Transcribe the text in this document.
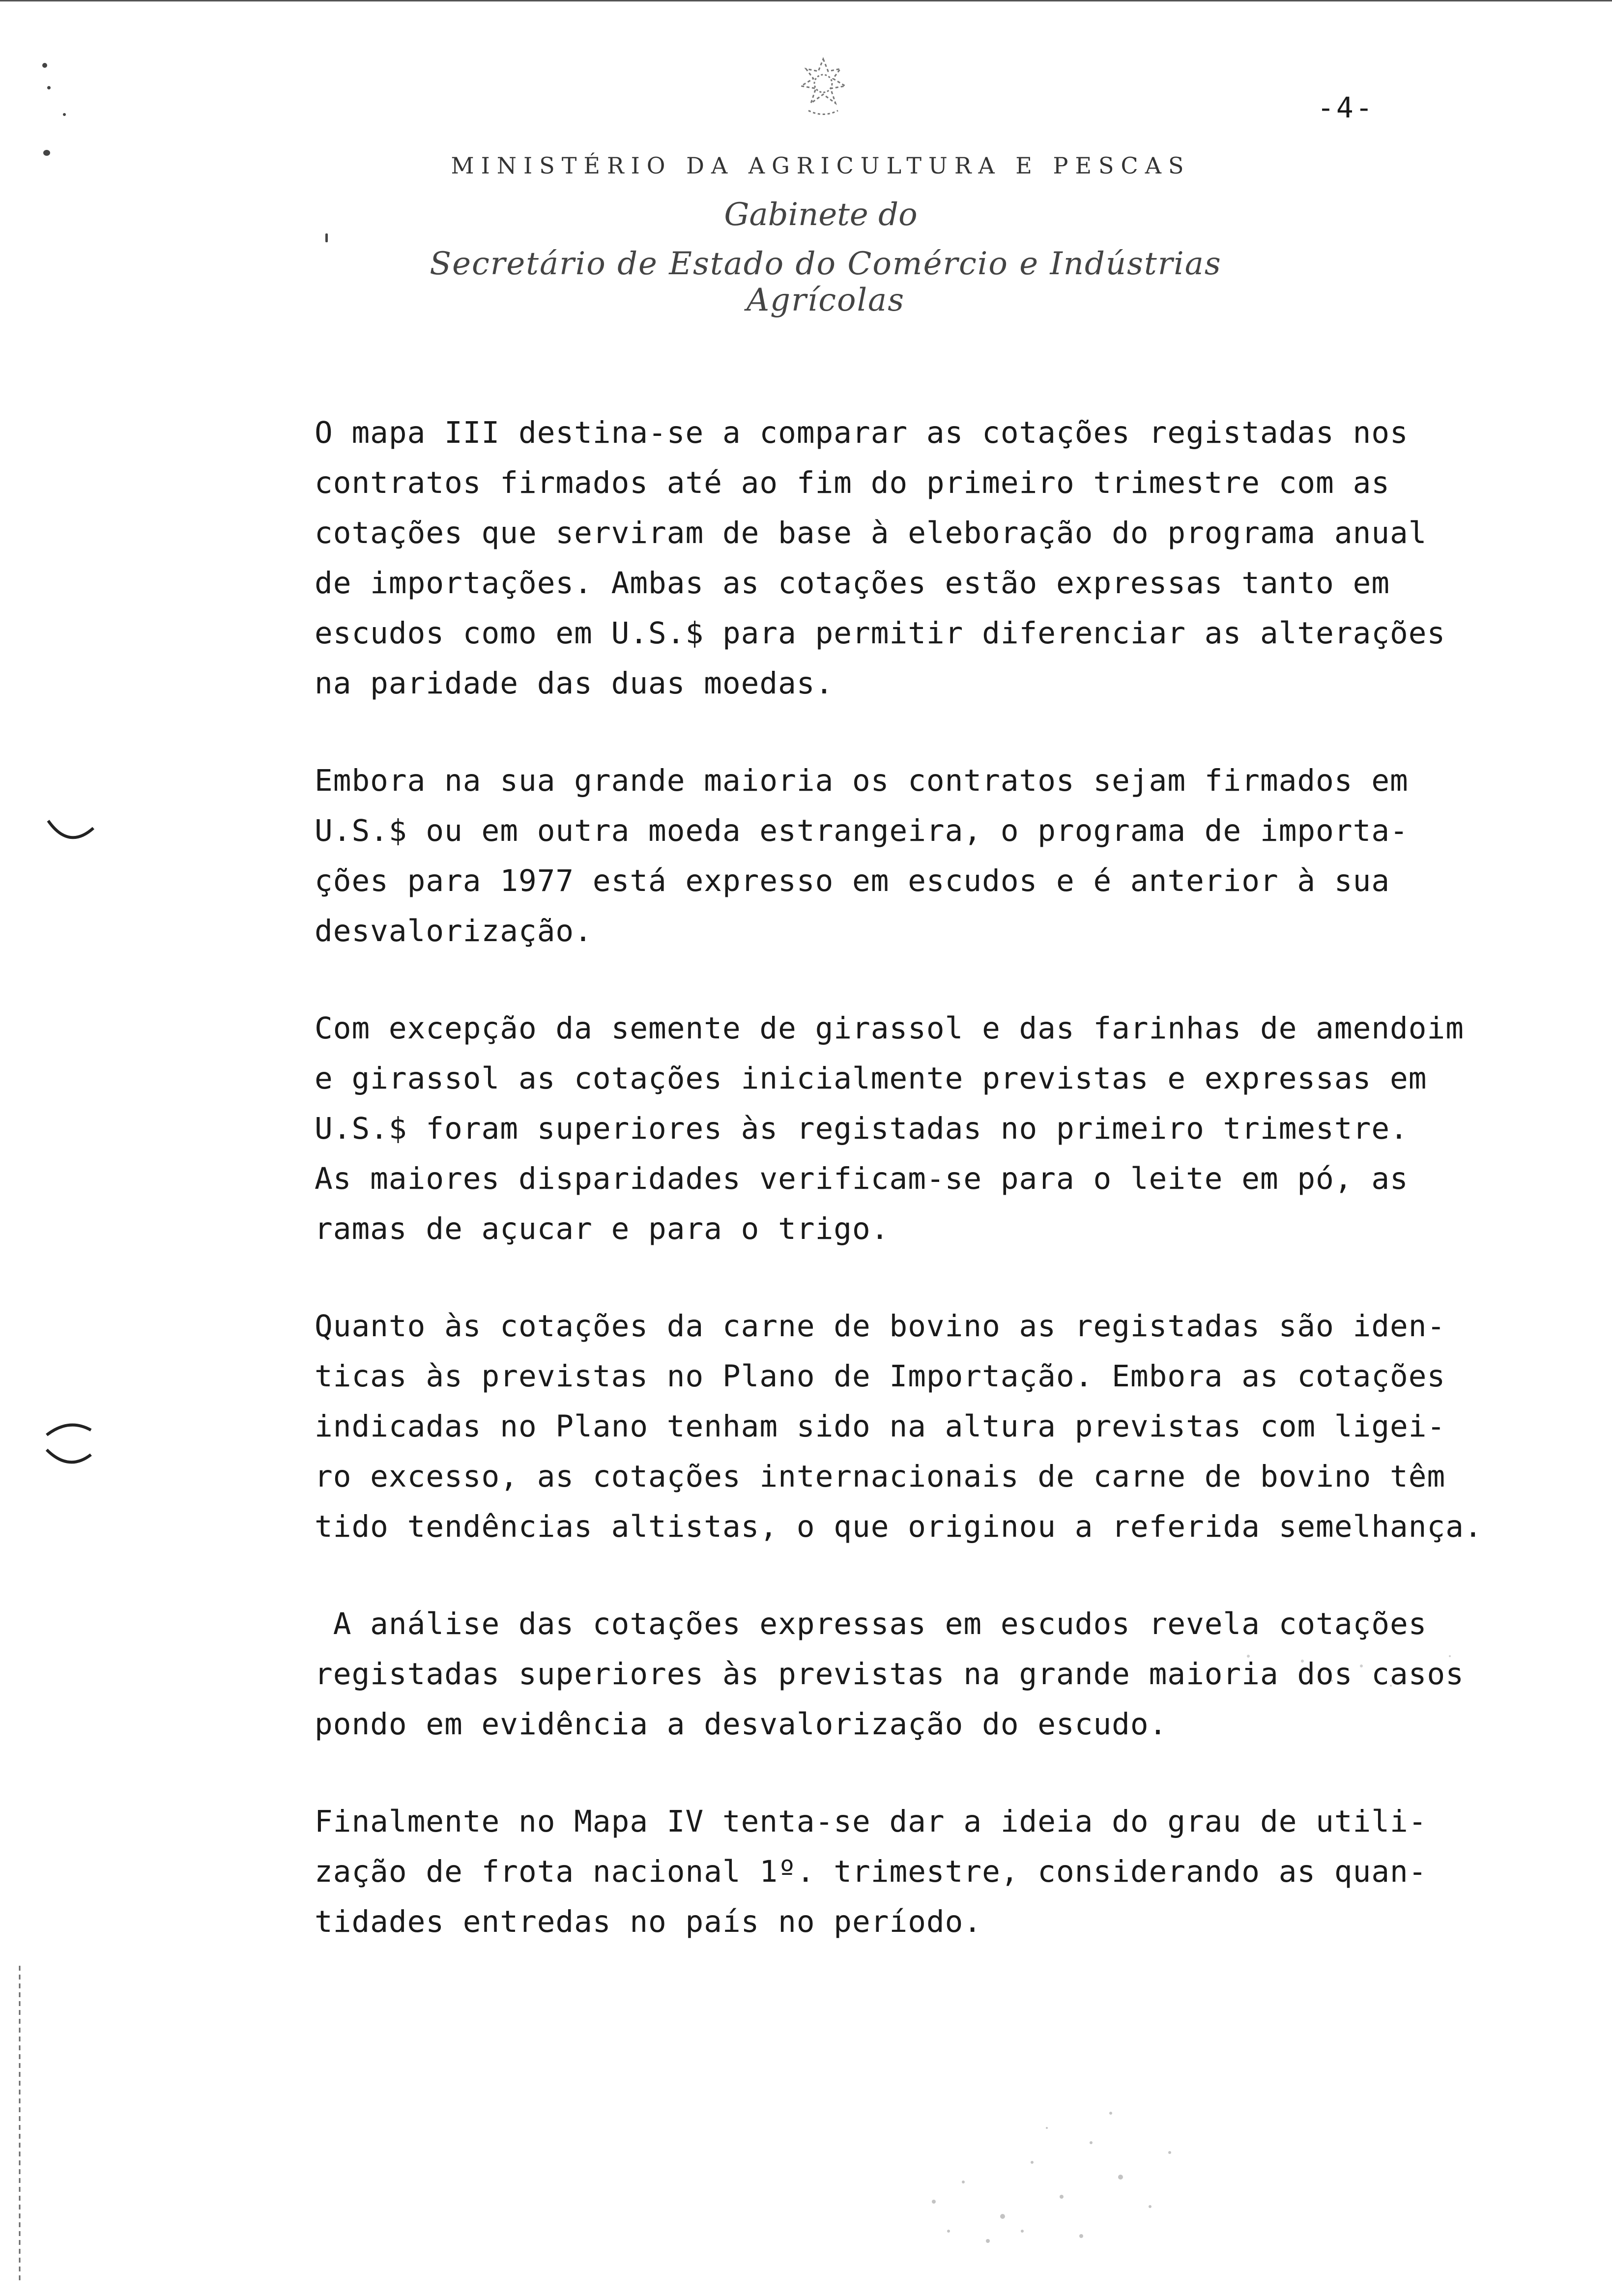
-4-
MINISTÉRIO DA AGRICULTURA E PESCAS
Gabinete do
Secretário de Estado do Comércio e Indústrias Agrícolas

O mapa III destina-se a comparar as cotações registadas nos
contratos firmados até ao fim do primeiro trimestre com as
cotações que serviram de base à eleboração do programa anual
de importações. Ambas as cotações estão expressas tanto em
escudos como em U.S.$ para permitir diferenciar as alterações
na paridade das duas moedas.

Embora na sua grande maioria os contratos sejam firmados em
U.S.$ ou em outra moeda estrangeira, o programa de importa-
ções para 1977 está expresso em escudos e é anterior à sua
desvalorização.

Com excepção da semente de girassol e das farinhas de amendoim
e girassol as cotações inicialmente previstas e expressas em
U.S.$ foram superiores às registadas no primeiro trimestre.
As maiores disparidades verificam-se para o leite em pó, as
ramas de açucar e para o trigo.

Quanto às cotações da carne de bovino as registadas são iden-
ticas às previstas no Plano de Importação. Embora as cotações
indicadas no Plano tenham sido na altura previstas com ligei-
ro excesso, as cotações internacionais de carne de bovino têm
tido tendências altistas, o que originou a referida semelhança.

A análise das cotações expressas em escudos revela cotações
registadas superiores às previstas na grande maioria dos casos
pondo em evidência a desvalorização do escudo.

Finalmente no Mapa IV tenta-se dar a ideia do grau de utili-
zação de frota nacional 1º. trimestre, considerando as quan-
tidades entredas no país no período.
